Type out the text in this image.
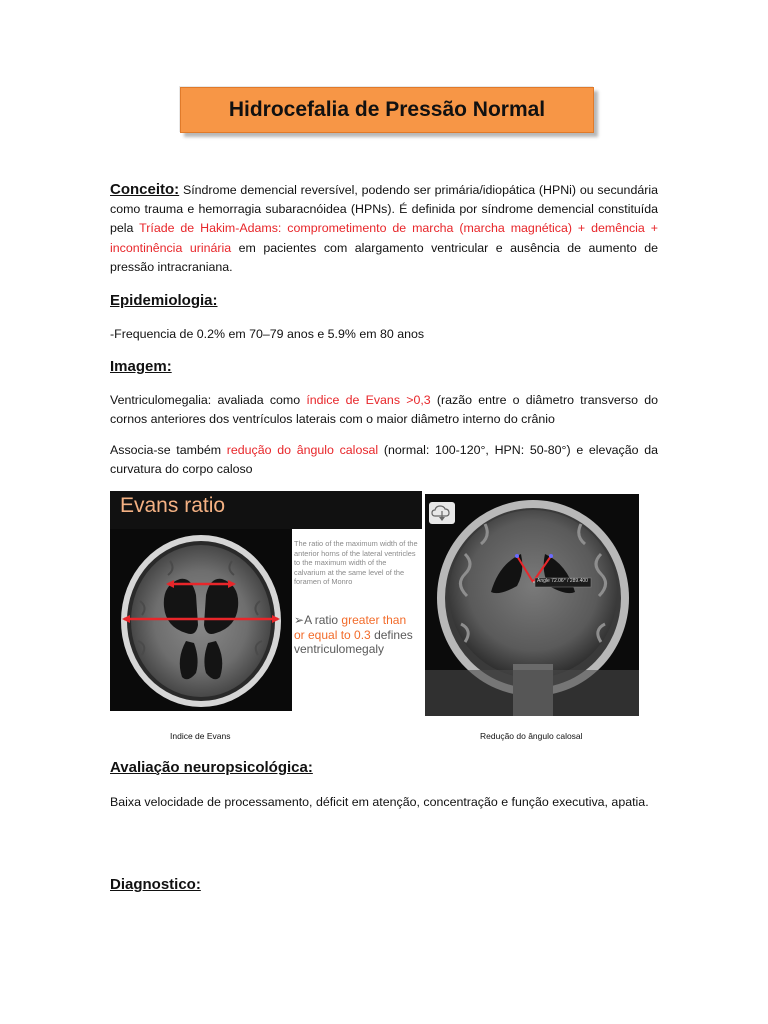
Hidrocefalia de Pressão Normal
Conceito: Síndrome demencial reversível, podendo ser primária/idiopática (HPNi) ou secundária como trauma e hemorragia subaracnóidea (HPNs). É definida por síndrome demencial constituída pela Tríade de Hakim-Adams: comprometimento de marcha (marcha magnética) + demência + incontinência urinária em pacientes com alargamento ventricular e ausência de aumento de pressão intracraniana.
Epidemiologia:
-Frequencia de 0.2% em 70–79 anos e 5.9% em 80 anos
Imagem:
Ventriculomegalia: avaliada como índice de Evans >0,3 (razão entre o diâmetro transverso do cornos anteriores dos ventrículos laterais com o maior diâmetro interno do crânio
Associa-se também redução do ângulo calosal (normal: 100-120°, HPN: 50-80°) e elevação da curvatura do corpo caloso
Evans ratio
The ratio of the maximum width of the anterior horns of the lateral ventricles to the maximum width of the calvarium at the same level of the foramen of Monro
➢A ratio greater than or equal to 0.3 defines ventriculomegaly
Indice de Evans
Angle 72.06° / 289.400
Redução do ângulo calosal
Avaliação neuropsicológica:
Baixa velocidade de processamento, déficit em atenção, concentração e função executiva, apatia.
Diagnostico:
